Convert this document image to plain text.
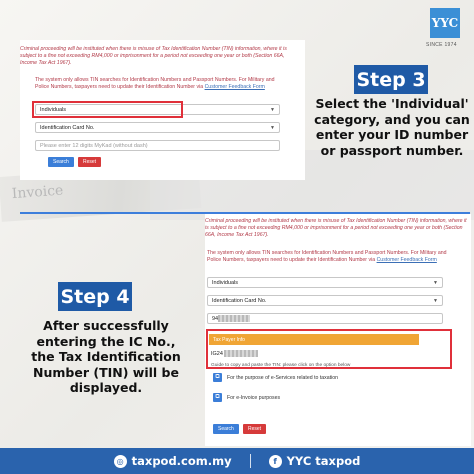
Invoice
YYC
SINCE 1974
Criminal proceeding will be instituted when there is misuse of Tax Identification Number (TIN) information, where it is subject to a fine not exceeding RM4,000 or imprisonment for a period not exceeding one year or both (Section 66A, Income Tax Act 1967).
The system only allows TIN searches for Identification Numbers and Passport Numbers. For Military and Police Numbers, taxpayers need to update their Identification Number via Customer Feedback Form
Individuals	▼
Identification Card No.	▼
Please enter 12 digits MyKad (without dash)
Search	Reset
Step 3
Select the 'Individual'
category, and you can
enter your ID number
or passport number.
Criminal proceeding will be instituted when there is misuse of Tax Identification Number (TIN) information, where it is subject to a fine not exceeding RM4,000 or imprisonment for a period not exceeding one year or both (Section 66A, Income Tax Act 1967).
The system only allows TIN searches for Identification Numbers and Passport Numbers. For Military and Police Numbers, taxpayers need to update their Identification Number via Customer Feedback Form
Individuals	▼
Identification Card No.	▼
94
Tax Payer Info
IG24
Guide to copy and paste the TIN: please click on the option below
⧉	For the purpose of e-Services related to taxation
⧉	For e-Invoice purposes
Search	Reset
Step 4
After successfully
entering the IC No.,
the Tax Identification
Number (TIN) will be
displayed.
◎ taxpod.com.my	f YYC taxpod
